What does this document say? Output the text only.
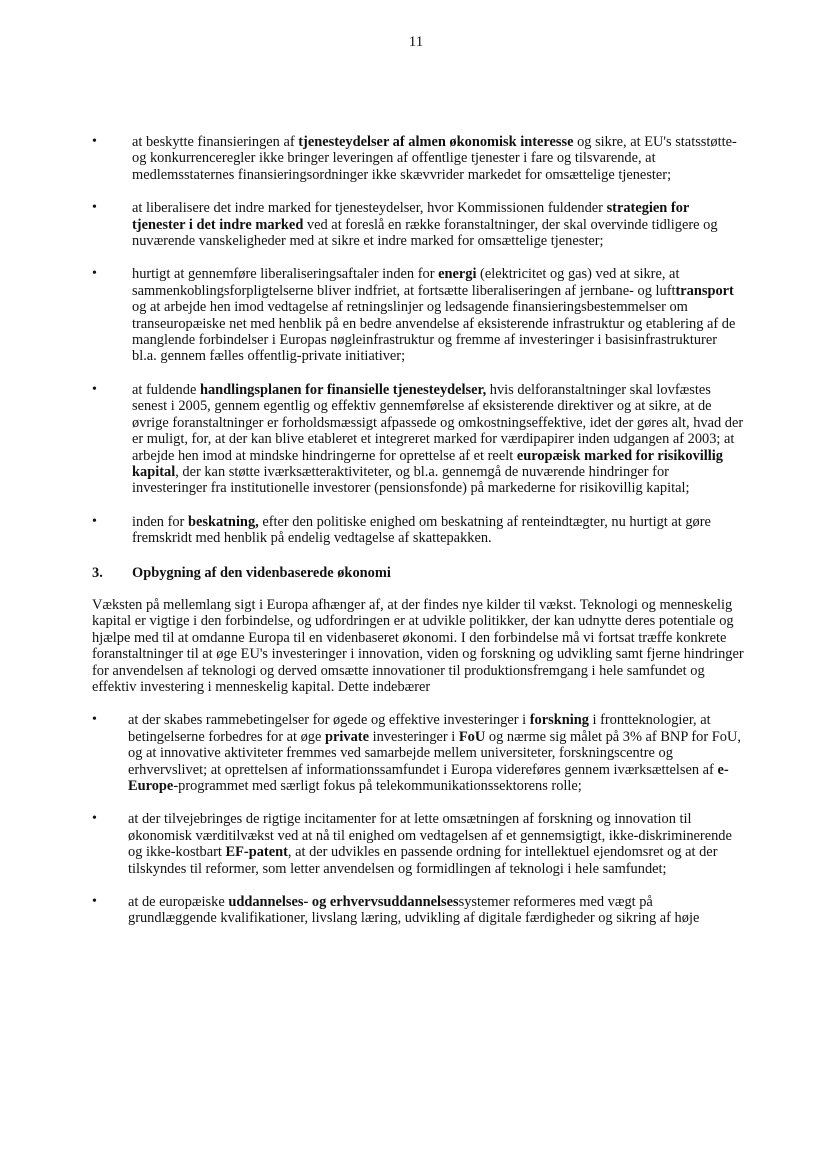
11
•	at beskytte finansieringen af tjenesteydelser af almen økonomisk interesse og sikre, at EU's statsstøtte- og konkurrenceregler ikke bringer leveringen af offentlige tjenester i fare og tilsvarende, at medlemsstaternes finansieringsordninger ikke skævvrider markedet for omsættelige tjenester;
•	at liberalisere det indre marked for tjenesteydelser, hvor Kommissionen fuldender strategien for tjenester i det indre marked ved at foreslå en række foranstaltninger, der skal overvinde tidligere og nuværende vanskeligheder med at sikre et indre marked for omsættelige tjenester;
•	hurtigt at gennemføre liberaliseringsaftaler inden for energi (elektricitet og gas) ved at sikre, at sammenkoblingsforpligtelserne bliver indfriet, at fortsætte liberaliseringen af jernbane- og lufttransport og at arbejde hen imod vedtagelse af retningslinjer og ledsagende finansieringsbestemmelser om transeuropæiske net med henblik på en bedre anvendelse af eksisterende infrastruktur og etablering af de manglende forbindelser i Europas nøgleinfrastruktur og fremme af investeringer i basisinfrastrukturer bl.a. gennem fælles offentlig-private initiativer;
•	at fuldende handlingsplanen for finansielle tjenesteydelser, hvis delforanstaltninger skal lovfæstes senest i 2005, gennem egentlig og effektiv gennemførelse af eksisterende direktiver og at sikre, at de øvrige foranstaltninger er forholdsmæssigt afpassede og omkostningseffektive, idet der gøres alt, hvad der er muligt, for, at der kan blive etableret et integreret marked for værdipapirer inden udgangen af 2003; at arbejde hen imod at mindske hindringerne for oprettelse af et reelt europæisk marked for risikovillig kapital, der kan støtte iværksætteraktiviteter, og bl.a. gennemgå de nuværende hindringer for investeringer fra institutionelle investorer (pensionsfonde) på markederne for risikovillig kapital;
•	inden for beskatning, efter den politiske enighed om beskatning af renteindtægter, nu hurtigt at gøre fremskridt med henblik på endelig vedtagelse af skattepakken.
3.	Opbygning af den videnbaserede økonomi

Væksten på mellemlang sigt i Europa afhænger af, at der findes nye kilder til vækst. Teknologi og menneskelig kapital er vigtige i den forbindelse, og udfordringen er at udvikle politikker, der kan udnytte deres potentiale og hjælpe med til at omdanne Europa til en videnbaseret økonomi. I den forbindelse må vi fortsat træffe konkrete foranstaltninger til at øge EU's investeringer i innovation, viden og forskning og udvikling samt fjerne hindringer for anvendelsen af teknologi og derved omsætte innovationer til produktionsfremgang i hele samfundet og effektiv investering i menneskelig kapital. Dette indebærer

•	at der skabes rammebetingelser for øgede og effektive investeringer i forskning i frontteknologier, at betingelserne forbedres for at øge private investeringer i FoU og nærme sig målet på 3% af BNP for FoU, og at innovative aktiviteter fremmes ved samarbejde mellem universiteter, forskningscentre og erhvervslivet; at oprettelsen af informationssamfundet i Europa videreføres gennem iværksættelsen af e-Europe-programmet med særligt fokus på telekommunikationssektorens rolle;
•	at der tilvejebringes de rigtige incitamenter for at lette omsætningen af forskning og innovation til økonomisk værditilvækst ved at nå til enighed om vedtagelsen af et gennemsigtigt, ikke-diskriminerende og ikke-kostbart EF-patent, at der udvikles en passende ordning for intellektuel ejendomsret og at der tilskyndes til reformer, som letter anvendelsen og formidlingen af teknologi i hele samfundet;
•	at de europæiske uddannelses- og erhvervsuddannelsessystemer reformeres med vægt på grundlæggende kvalifikationer, livslang læring, udvikling af digitale færdigheder og sikring af høje
